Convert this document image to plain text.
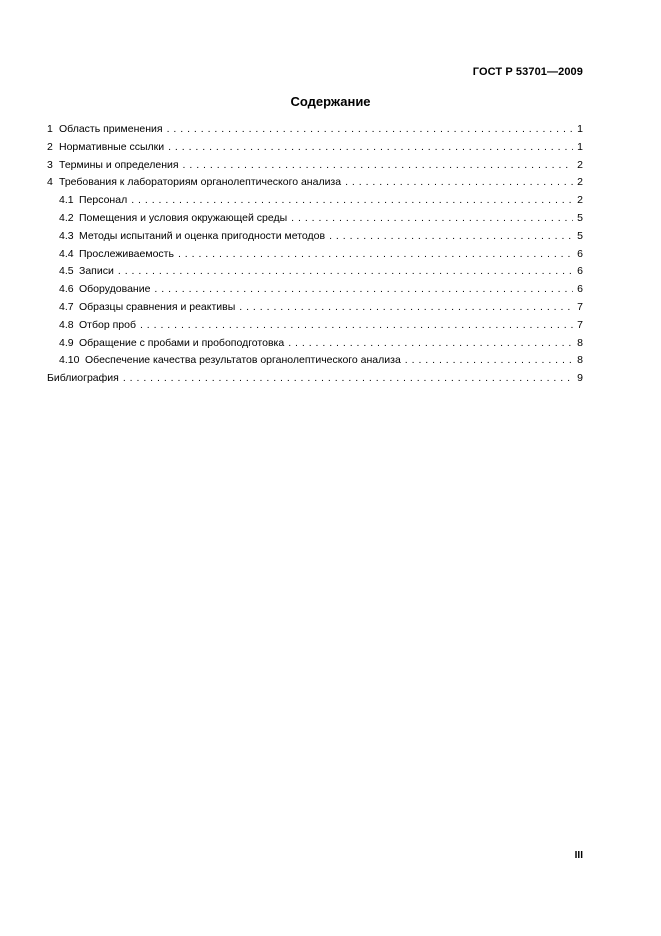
ГОСТ Р 53701—2009
Содержание
1 Область применения . . .	1
2 Нормативные ссылки . . .	1
3 Термины и определения . . .	2
4 Требования к лабораториям органолептического анализа . . .	2
4.1 Персонал . . .	2
4.2 Помещения и условия окружающей среды . . .	5
4.3 Методы испытаний и оценка пригодности методов . . .	5
4.4 Прослеживаемость . . .	6
4.5 Записи . . .	6
4.6 Оборудование . . .	6
4.7 Образцы сравнения и реактивы . . .	7
4.8 Отбор проб . . .	7
4.9 Обращение с пробами и пробоподготовка . . .	8
4.10 Обеспечение качества результатов органолептического анализа . . .	8
Библиография . . .	9
III
